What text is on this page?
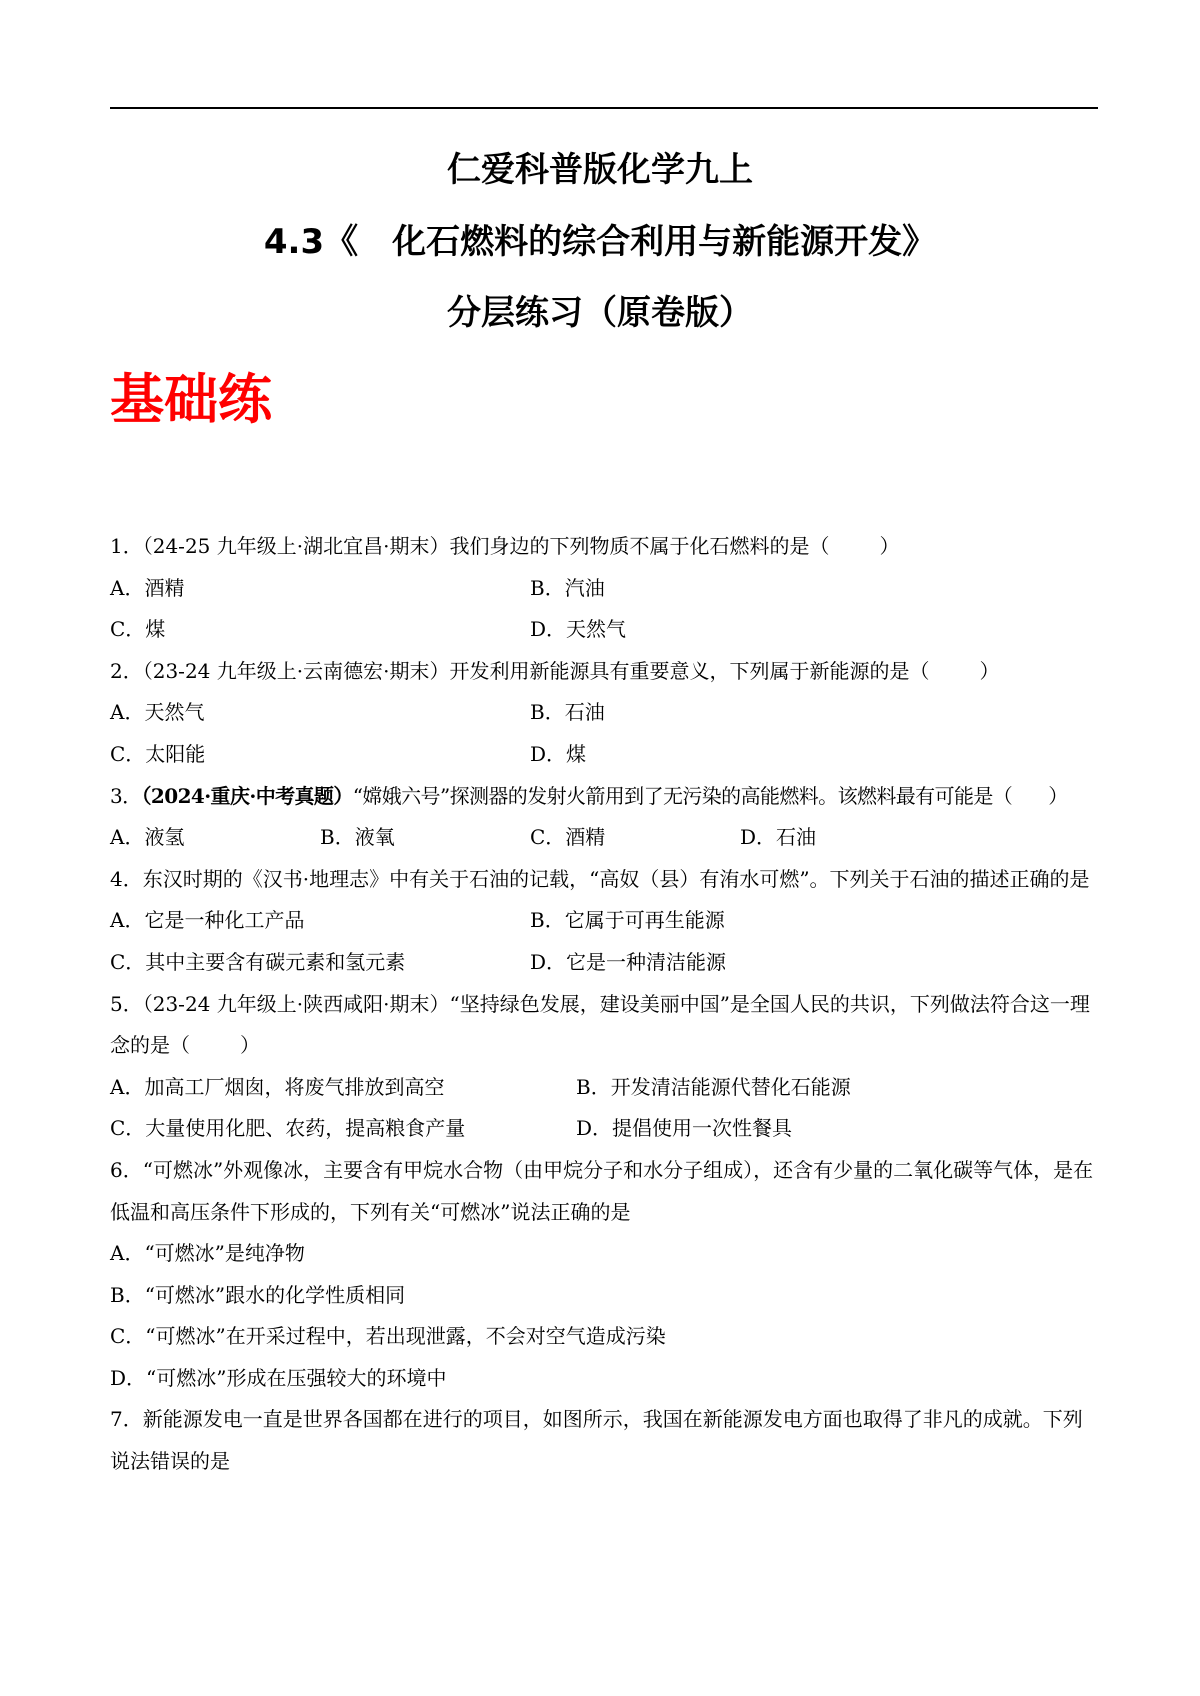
仁爱科普版化学九上
4.3《　化石燃料的综合利用与新能源开发》
分层练习（原卷版）
基础练
1．（24-25 九年级上·湖北宜昌·期末）我们身边的下列物质不属于化石燃料的是（	）
A．酒精	B．汽油
C．煤	D．天然气
2．（23-24 九年级上·云南德宏·期末）开发利用新能源具有重要意义，下列属于新能源的是（	）
A．天然气	B．石油
C．太阳能	D．煤
3．（2024·重庆·中考真题）“嫦娥六号”探测器的发射火箭用到了无污染的高能燃料。该燃料最有可能是（ ）
A．液氢	B．液氧	C．酒精	D．石油
4．东汉时期的《汉书·地理志》中有关于石油的记载，“高奴（县）有洧水可燃”。下列关于石油的描述正确的是
A．它是一种化工产品	B．它属于可再生能源
C．其中主要含有碳元素和氢元素	D．它是一种清洁能源
5．（23-24 九年级上·陕西咸阳·期末）“坚持绿色发展，建设美丽中国”是全国人民的共识，下列做法符合这一理念的是（	）
A．加高工厂烟囱，将废气排放到高空	B．开发清洁能源代替化石能源
C．大量使用化肥、农药，提高粮食产量	D．提倡使用一次性餐具
6．“可燃冰”外观像冰，主要含有甲烷水合物（由甲烷分子和水分子组成），还含有少量的二氧化碳等气体，是在低温和高压条件下形成的，下列有关“可燃冰”说法正确的是
A．“可燃冰”是纯净物
B．“可燃冰”跟水的化学性质相同
C．“可燃冰”在开采过程中，若出现泄露，不会对空气造成污染
D．“可燃冰”形成在压强较大的环境中
7．新能源发电一直是世界各国都在进行的项目，如图所示，我国在新能源发电方面也取得了非凡的成就。下列说法错误的是
